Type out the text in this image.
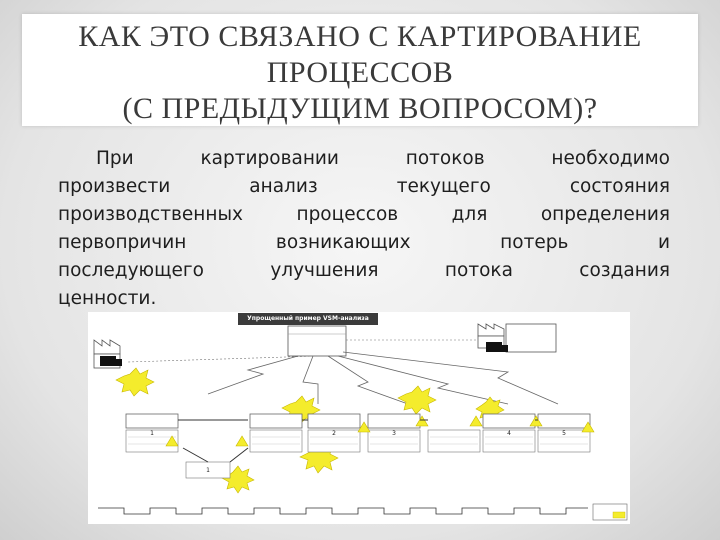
КАК ЭТО СВЯЗАНО С КАРТИРОВАНИЕ
ПРОЦЕССОВ
(С ПРЕДЫДУЩИМ ВОПРОСОМ)?
При картировании потоков необходимо
произвести анализ текущего состояния
производственных процессов для определения
первопричин возникающих потерь и
последующего улучшения потока создания
ценности.
1	2	3	4	5
1
Упрощенный пример VSM-анализа
